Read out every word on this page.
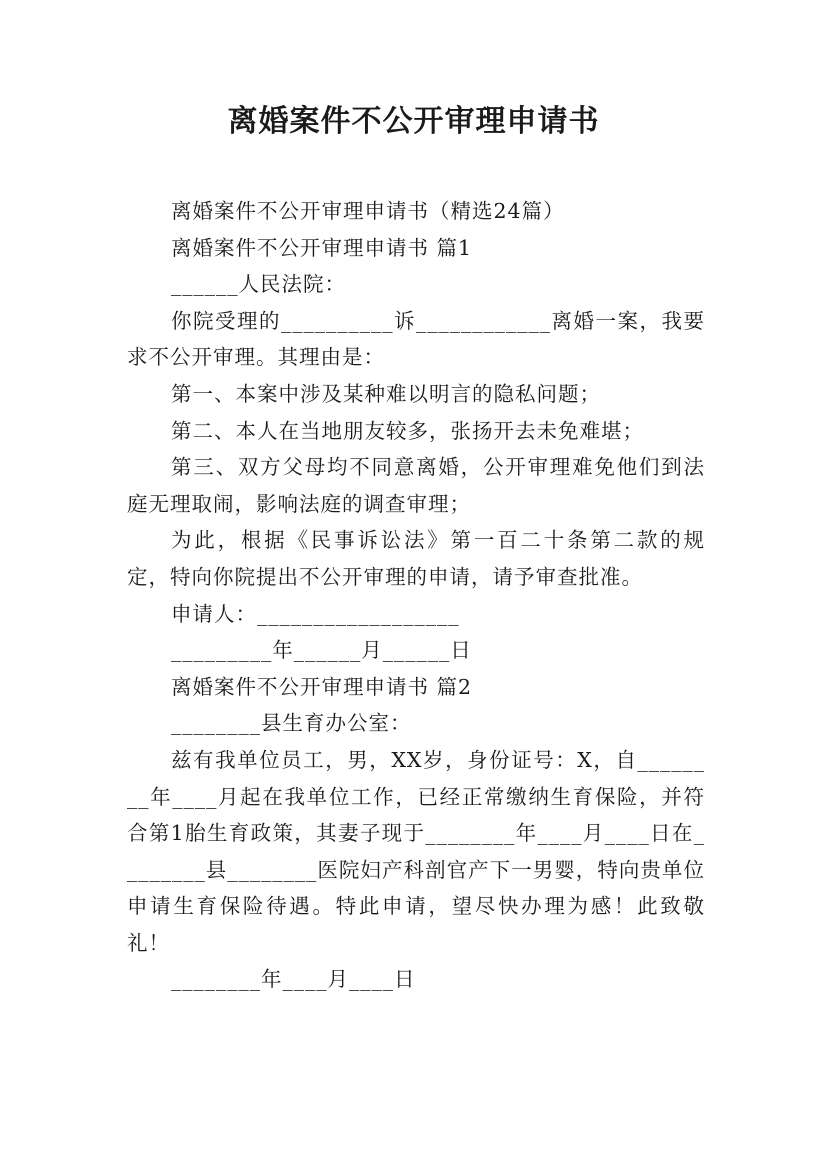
离婚案件不公开审理申请书

离婚案件不公开审理申请书（精选24篇）

离婚案件不公开审理申请书 篇1

______人民法院：

你院受理的__________诉____________离婚一案，我要求不公开审理。其理由是：

第一、本案中涉及某种难以明言的隐私问题；

第二、本人在当地朋友较多，张扬开去未免难堪；

第三、双方父母均不同意离婚，公开审理难免他们到法庭无理取闹，影响法庭的调查审理；

为此，根据《民事诉讼法》第一百二十条第二款的规定，特向你院提出不公开审理的申请，请予审查批准。

申请人：__________________

_________年______月______日

离婚案件不公开审理申请书 篇2

________县生育办公室：

兹有我单位员工，男，XX岁，身份证号：X，自________年____月起在我单位工作，已经正常缴纳生育保险，并符合第1胎生育政策，其妻子现于________年____月____日在________县________医院妇产科剖官产下一男婴，特向贵单位申请生育保险待遇。特此申请，望尽快办理为感！此致敬礼！

________年____月____日
